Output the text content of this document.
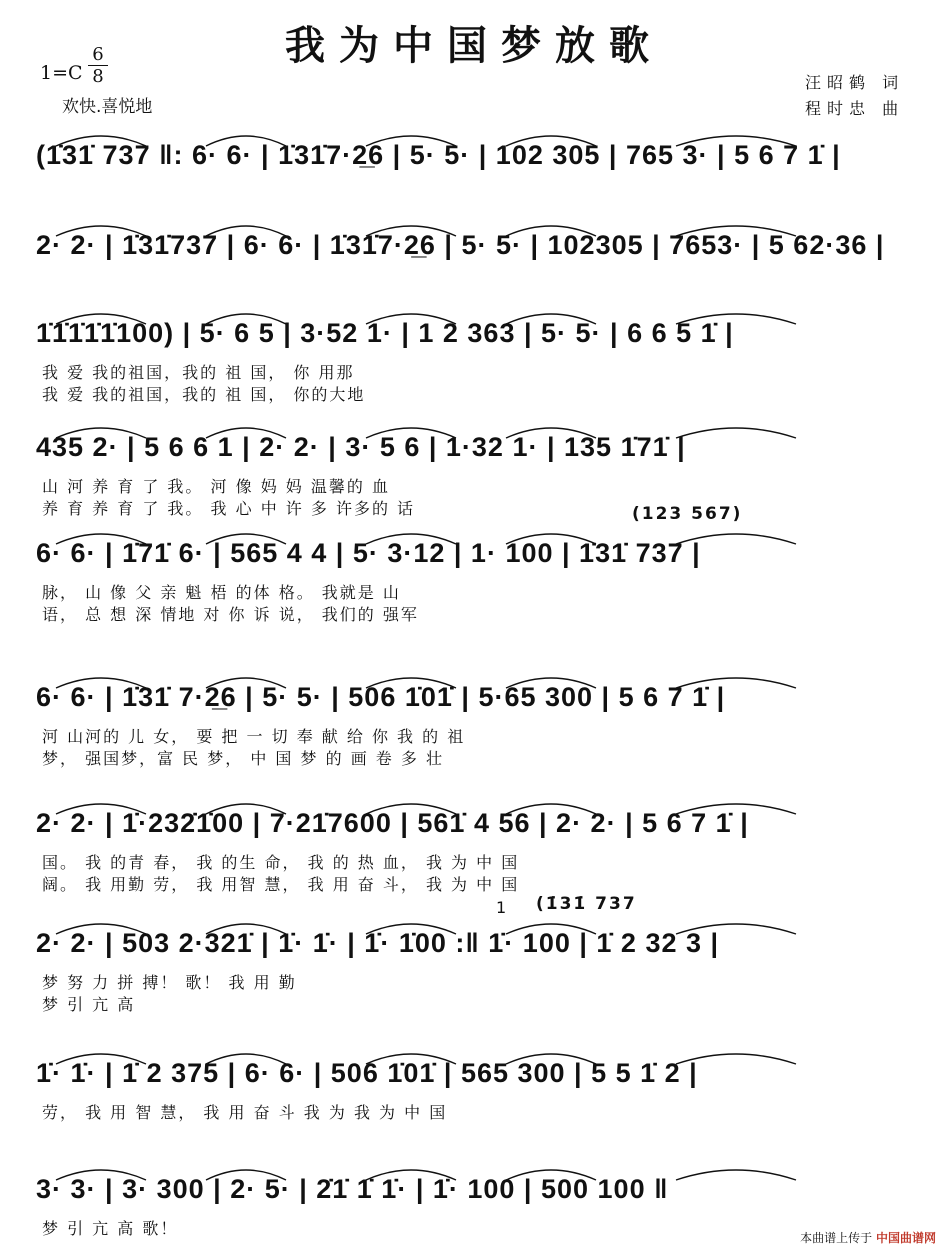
我为中国梦放歌
1=C
6
8
欢快.喜悦地
汪昭鹤 词
程时忠 曲
(1̇31̇ 737 ‖: 6· 6· | 1̇31̇7·2̲6 | 5· 5· | 102 305 | 765 3· | 5 6 7 1̇ |
2· 2· | 1̇31̇737 | 6· 6· | 1̇31̇7·2̲6 | 5· 5· | 102305 | 7653· | 5 62·36 |
1̇1̇1̇1̇1̇100) | 5· 6 5 | 3·52 1· | 1 2 363 | 5· 5· | 6 6 5 1̇ |
我 爱 我的祖国，我的 祖 国， 你 用那
我 爱 我的祖国，我的 祖 国， 你的大地
435 2· | 5 6 6 1 | 2· 2· | 3· 5 6 | 1·32 1· | 135 1̇71̇ |
山 河 养 育 了 我。 河 像 妈 妈 温馨的 血
养 育 养 育 了 我。 我 心 中 许 多 许多的 话
6· 6· | 1̇71̇ 6· | 565 4 4 | 5· 3·12 | 1· 100 | 1̇31̇ 737 |
(123 567)
脉， 山 像 父 亲 魁 梧 的体 格。 我就是 山
语， 总 想 深 情地 对 你 诉 说， 我们的 强军
6· 6· | 1̇31̇ 7·2̲6 | 5· 5· | 506 1̇01̇ | 5·65 300 | 5 6 7 1̇ |
河 山河的 儿 女， 要 把 一 切 奉 献 给 你 我 的 祖
梦， 强国梦，富 民 梦， 中 国 梦 的 画 卷 多 壮
2· 2· | 1̇·232̇1̇00 | 7·21̇7600 | 561̇ 4 56 | 2· 2· | 5 6 7 1̇ |
国。 我 的青 春， 我 的生 命， 我 的 热 血， 我 为 中 国
阔。 我 用勤 劳， 我 用智 慧， 我 用 奋 斗， 我 为 中 国
2· 2· | 503 2·321̇ | 1̇· 1̇· | 1̇· 1̇00 :‖ 1̇· 100 | 1̇ 2 32 3 |
(1̇31̇ 737
1
梦 努 力 拼 搏！ 歌！ 我 用 勤
梦 引 亢 高
1̇· 1̇· | 1̇ 2 375 | 6· 6· | 506 1̇01̇ | 565 300 | 5 5 1̇ 2 |
劳， 我 用 智 慧， 我 用 奋 斗 我 为 我 为 中 国
3· 3· | 3· 300 | 2· 5· | 2̇1̇ 1̇ 1̇· | 1̇· 100 | 500 100 ‖
梦 引 亢 高 歌！	本曲谱上传于 中国曲谱网
